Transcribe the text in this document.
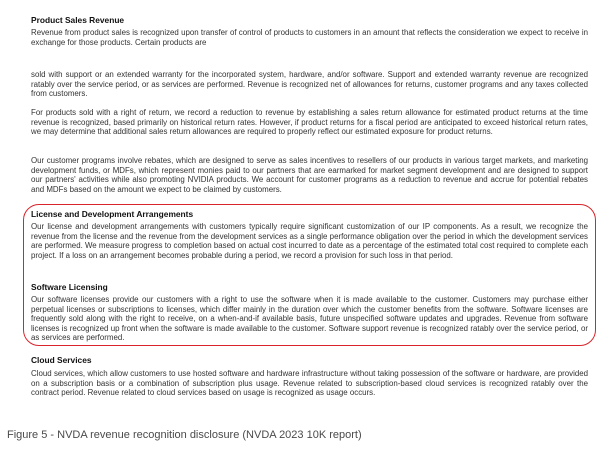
Product Sales Revenue

Revenue from product sales is recognized upon transfer of control of products to customers in an amount that reflects the consideration we expect to receive in exchange for those products. Certain products are

sold with support or an extended warranty for the incorporated system, hardware, and/or software. Support and extended warranty revenue are recognized ratably over the service period, or as services are performed. Revenue is recognized net of allowances for returns, customer programs and any taxes collected from customers.

For products sold with a right of return, we record a reduction to revenue by establishing a sales return allowance for estimated product returns at the time revenue is recognized, based primarily on historical return rates. However, if product returns for a fiscal period are anticipated to exceed historical return rates, we may determine that additional sales return allowances are required to properly reflect our estimated exposure for product returns.

Our customer programs involve rebates, which are designed to serve as sales incentives to resellers of our products in various target markets, and marketing development funds, or MDFs, which represent monies paid to our partners that are earmarked for market segment development and are designed to support our partners' activities while also promoting NVIDIA products. We account for customer programs as a reduction to revenue and accrue for potential rebates and MDFs based on the amount we expect to be claimed by customers.

License and Development Arrangements

Our license and development arrangements with customers typically require significant customization of our IP components. As a result, we recognize the revenue from the license and the revenue from the development services as a single performance obligation over the period in which the development services are performed. We measure progress to completion based on actual cost incurred to date as a percentage of the estimated total cost required to complete each project. If a loss on an arrangement becomes probable during a period, we record a provision for such loss in that period.

Software Licensing

Our software licenses provide our customers with a right to use the software when it is made available to the customer. Customers may purchase either perpetual licenses or subscriptions to licenses, which differ mainly in the duration over which the customer benefits from the software. Software licenses are frequently sold along with the right to receive, on a when-and-if available basis, future unspecified software updates and upgrades. Revenue from software licenses is recognized up front when the software is made available to the customer. Software support revenue is recognized ratably over the service period, or as services are performed.

Cloud Services

Cloud services, which allow customers to use hosted software and hardware infrastructure without taking possession of the software or hardware, are provided on a subscription basis or a combination of subscription plus usage. Revenue related to subscription-based cloud services is recognized ratably over the contract period. Revenue related to cloud services based on usage is recognized as usage occurs.

Figure 5 - NVDA revenue recognition disclosure (NVDA 2023 10K report)
